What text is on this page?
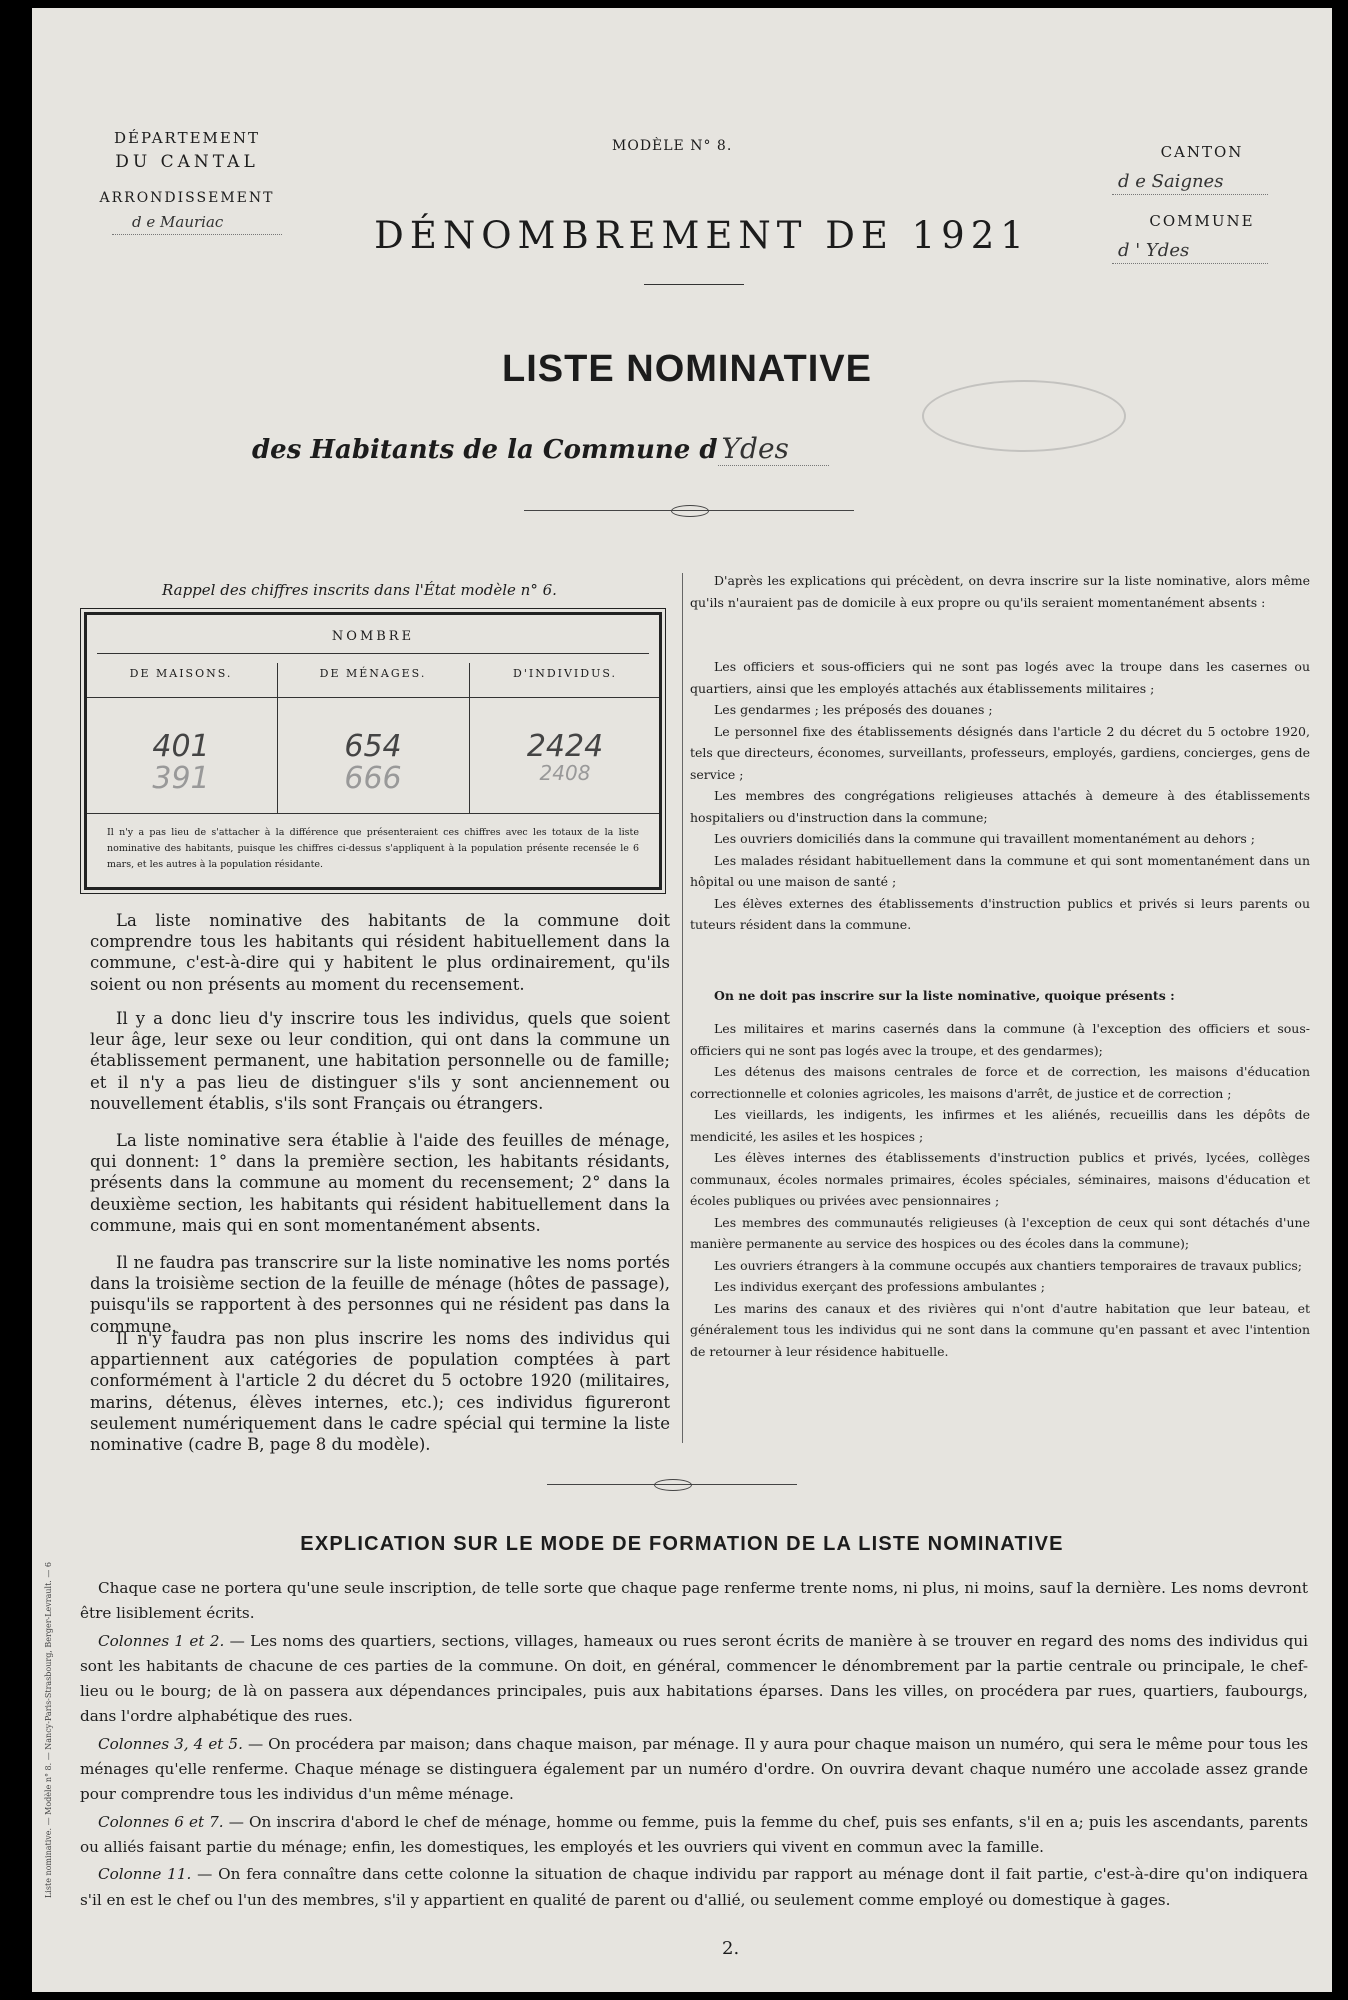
DÉPARTEMENT
DU CANTAL
ARRONDISSEMENT
d e Mauriac
MODÈLE N° 8.
DÉNOMBREMENT DE 1921
CANTON
d e Saignes
COMMUNE
d ' Ydes
LISTE NOMINATIVE
des Habitants de la Commune d Ydes
Rappel des chiffres inscrits dans l'État modèle n° 6.
NOMBRE
DE MAISONS.	DE MÉNAGES.	D'INDIVIDUS.
401
391
654
666
2424
2408
Il n'y a pas lieu de s'attacher à la différence que présenteraient ces chiffres avec les totaux de la liste nominative des habitants, puisque les chiffres ci-dessus s'appliquent à la population présente recensée le 6 mars, et les autres à la population résidante.
La liste nominative des habitants de la commune doit comprendre tous les habitants qui résident habituellement dans la commune, c'est-à-dire qui y habitent le plus ordinairement, qu'ils soient ou non présents au moment du recensement.
Il y a donc lieu d'y inscrire tous les individus, quels que soient leur âge, leur sexe ou leur condition, qui ont dans la commune un établissement permanent, une habitation personnelle ou de famille; et il n'y a pas lieu de distinguer s'ils y sont anciennement ou nouvellement établis, s'ils sont Français ou étrangers.
La liste nominative sera établie à l'aide des feuilles de ménage, qui donnent: 1° dans la première section, les habitants résidants, présents dans la commune au moment du recensement; 2° dans la deuxième section, les habitants qui résident habituellement dans la commune, mais qui en sont momentanément absents.
Il ne faudra pas transcrire sur la liste nominative les noms portés dans la troisième section de la feuille de ménage (hôtes de passage), puisqu'ils se rapportent à des personnes qui ne résident pas dans la commune.
Il n'y faudra pas non plus inscrire les noms des individus qui appartiennent aux catégories de population comptées à part conformément à l'article 2 du décret du 5 octobre 1920 (militaires, marins, détenus, élèves internes, etc.); ces individus figureront seulement numériquement dans le cadre spécial qui termine la liste nominative (cadre B, page 8 du modèle).

D'après les explications qui précèdent, on devra inscrire sur la liste nominative, alors même qu'ils n'auraient pas de domicile à eux propre ou qu'ils seraient momentanément absents :

Les officiers et sous-officiers qui ne sont pas logés avec la troupe dans les casernes ou quartiers, ainsi que les employés attachés aux établissements militaires ;

Les gendarmes ; les préposés des douanes ;

Le personnel fixe des établissements désignés dans l'article 2 du décret du 5 octobre 1920, tels que directeurs, économes, surveillants, professeurs, employés, gardiens, concierges, gens de service ;

Les membres des congrégations religieuses attachés à demeure à des établissements hospitaliers ou d'instruction dans la commune;

Les ouvriers domiciliés dans la commune qui travaillent momentanément au dehors ;

Les malades résidant habituellement dans la commune et qui sont momentanément dans un hôpital ou une maison de santé ;

Les élèves externes des établissements d'instruction publics et privés si leurs parents ou tuteurs résident dans la commune.

On ne doit pas inscrire sur la liste nominative, quoique présents :

Les militaires et marins casernés dans la commune (à l'exception des officiers et sous-officiers qui ne sont pas logés avec la troupe, et des gendarmes);

Les détenus des maisons centrales de force et de correction, les maisons d'éducation correctionnelle et colonies agricoles, les maisons d'arrêt, de justice et de correction ;

Les vieillards, les indigents, les infirmes et les aliénés, recueillis dans les dépôts de mendicité, les asiles et les hospices ;

Les élèves internes des établissements d'instruction publics et privés, lycées, collèges communaux, écoles normales primaires, écoles spéciales, séminaires, maisons d'éducation et écoles publiques ou privées avec pensionnaires ;

Les membres des communautés religieuses (à l'exception de ceux qui sont détachés d'une manière permanente au service des hospices ou des écoles dans la commune);

Les ouvriers étrangers à la commune occupés aux chantiers temporaires de travaux publics;

Les individus exerçant des professions ambulantes ;

Les marins des canaux et des rivières qui n'ont d'autre habitation que leur bateau, et généralement tous les individus qui ne sont dans la commune qu'en passant et avec l'intention de retourner à leur résidence habituelle.

EXPLICATION SUR LE MODE DE FORMATION DE LA LISTE NOMINATIVE

Chaque case ne portera qu'une seule inscription, de telle sorte que chaque page renferme trente noms, ni plus, ni moins, sauf la dernière. Les noms devront être lisiblement écrits.

Colonnes 1 et 2. — Les noms des quartiers, sections, villages, hameaux ou rues seront écrits de manière à se trouver en regard des noms des individus qui sont les habitants de chacune de ces parties de la commune. On doit, en général, commencer le dénombrement par la partie centrale ou principale, le chef-lieu ou le bourg; de là on passera aux dépendances principales, puis aux habitations éparses. Dans les villes, on procédera par rues, quartiers, faubourgs, dans l'ordre alphabétique des rues.

Colonnes 3, 4 et 5. — On procédera par maison; dans chaque maison, par ménage. Il y aura pour chaque maison un numéro, qui sera le même pour tous les ménages qu'elle renferme. Chaque ménage se distinguera également par un numéro d'ordre. On ouvrira devant chaque numéro une accolade assez grande pour comprendre tous les individus d'un même ménage.

Colonnes 6 et 7. — On inscrira d'abord le chef de ménage, homme ou femme, puis la femme du chef, puis ses enfants, s'il en a; puis les ascendants, parents ou alliés faisant partie du ménage; enfin, les domestiques, les employés et les ouvriers qui vivent en commun avec la famille.

Colonne 11. — On fera connaître dans cette colonne la situation de chaque individu par rapport au ménage dont il fait partie, c'est-à-dire qu'on indiquera s'il en est le chef ou l'un des membres, s'il y appartient en qualité de parent ou d'allié, ou seulement comme employé ou domestique à gages.

Liste nominative. — Modèle n° 8. — Nancy-Paris-Strasbourg, Berger-Levrault. — 6
2.
